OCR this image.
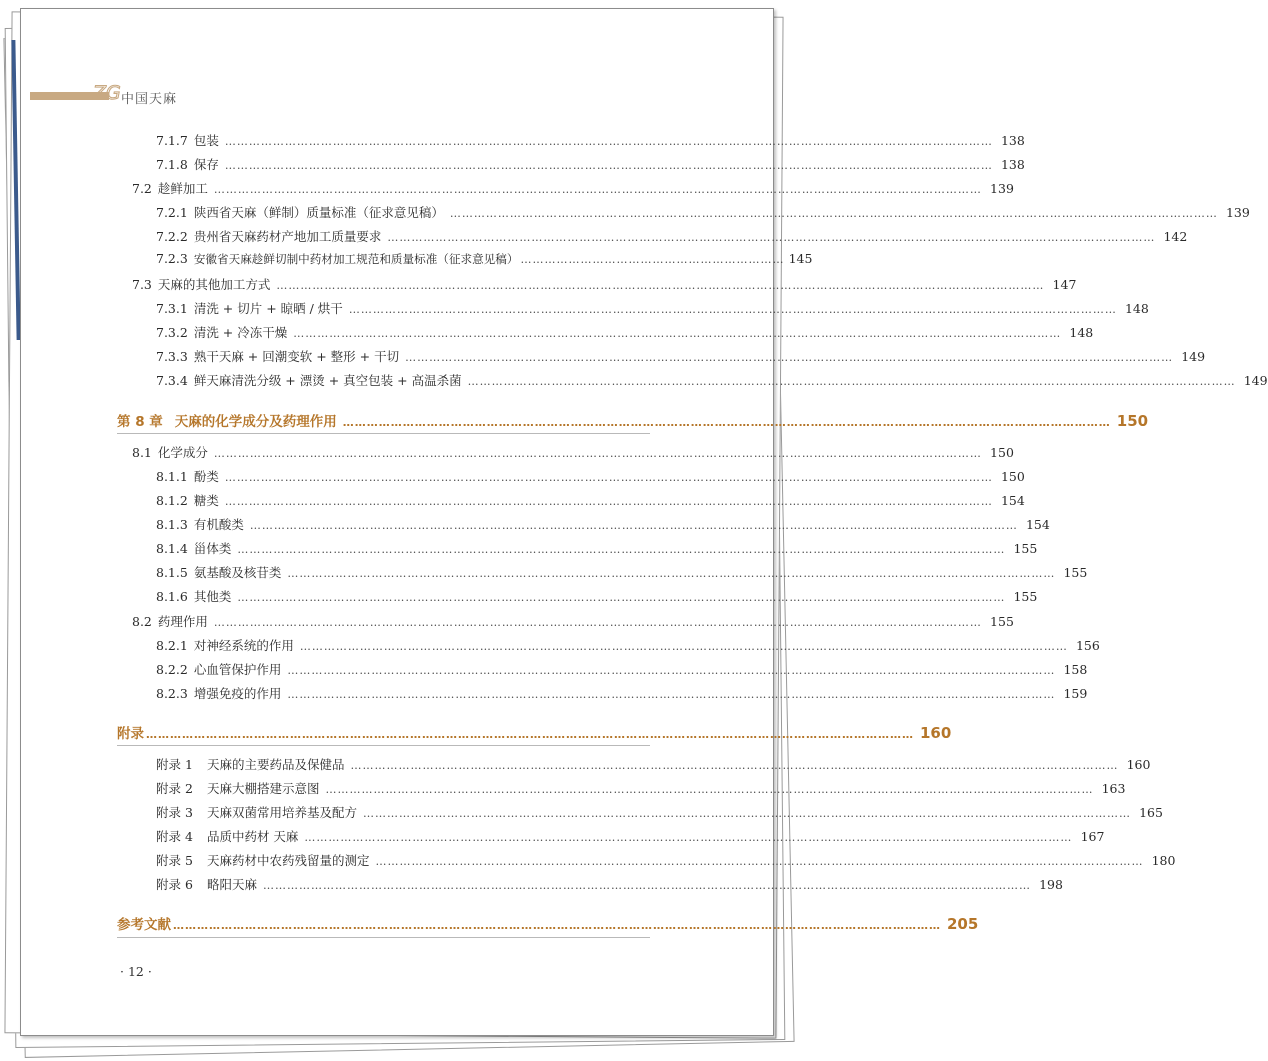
ZG 中国天麻
7.1.7 包装 ………………………………………………………………………………………………………………………………………………………………………… 138
7.1.8 保存 ………………………………………………………………………………………………………………………………………………………………………… 138
7.2 趁鲜加工 ………………………………………………………………………………………………………………………………………………………………………… 139
7.2.1 陕西省天麻（鲜制）质量标准（征求意见稿） ………………………………………………………………………………………………………………………………………………………………………… 139
7.2.2 贵州省天麻药材产地加工质量要求 ………………………………………………………………………………………………………………………………………………………………………… 142
7.2.3 安徽省天麻趁鲜切制中药材加工规范和质量标准（征求意见稿） ………………………………………………………… 145
7.3 天麻的其他加工方式 ………………………………………………………………………………………………………………………………………………………………………… 147
7.3.1 清洗 + 切片 + 晾晒 / 烘干 ………………………………………………………………………………………………………………………………………………………………………… 148
7.3.2 清洗 + 冷冻干燥 ………………………………………………………………………………………………………………………………………………………………………… 148
7.3.3 熟干天麻 + 回潮变软 + 整形 + 干切 ………………………………………………………………………………………………………………………………………………………………………… 149
7.3.4 鲜天麻清洗分级 + 漂烫 + 真空包装 + 高温杀菌 ………………………………………………………………………………………………………………………………………………………………………… 149
第 8 章 天麻的化学成分及药理作用 ………………………………………………………………………………………………………………………………………………………………………… 150
8.1 化学成分 ………………………………………………………………………………………………………………………………………………………………………… 150
8.1.1 酚类 ………………………………………………………………………………………………………………………………………………………………………… 150
8.1.2 糖类 ………………………………………………………………………………………………………………………………………………………………………… 154
8.1.3 有机酸类 ………………………………………………………………………………………………………………………………………………………………………… 154
8.1.4 甾体类 ………………………………………………………………………………………………………………………………………………………………………… 155
8.1.5 氨基酸及核苷类 ………………………………………………………………………………………………………………………………………………………………………… 155
8.1.6 其他类 ………………………………………………………………………………………………………………………………………………………………………… 155
8.2 药理作用 ………………………………………………………………………………………………………………………………………………………………………… 155
8.2.1 对神经系统的作用 ………………………………………………………………………………………………………………………………………………………………………… 156
8.2.2 心血管保护作用 ………………………………………………………………………………………………………………………………………………………………………… 158
8.2.3 增强免疫的作用 ………………………………………………………………………………………………………………………………………………………………………… 159
附录 ………………………………………………………………………………………………………………………………………………………………………… 160
附录 1 天麻的主要药品及保健品 ………………………………………………………………………………………………………………………………………………………………………… 160
附录 2 天麻大棚搭建示意图 ………………………………………………………………………………………………………………………………………………………………………… 163
附录 3 天麻双菌常用培养基及配方 ………………………………………………………………………………………………………………………………………………………………………… 165
附录 4 品质中药材 天麻 ………………………………………………………………………………………………………………………………………………………………………… 167
附录 5 天麻药材中农药残留量的测定 ………………………………………………………………………………………………………………………………………………………………………… 180
附录 6 略阳天麻 ………………………………………………………………………………………………………………………………………………………………………… 198
参考文献 ………………………………………………………………………………………………………………………………………………………………………… 205
· 12 ·
